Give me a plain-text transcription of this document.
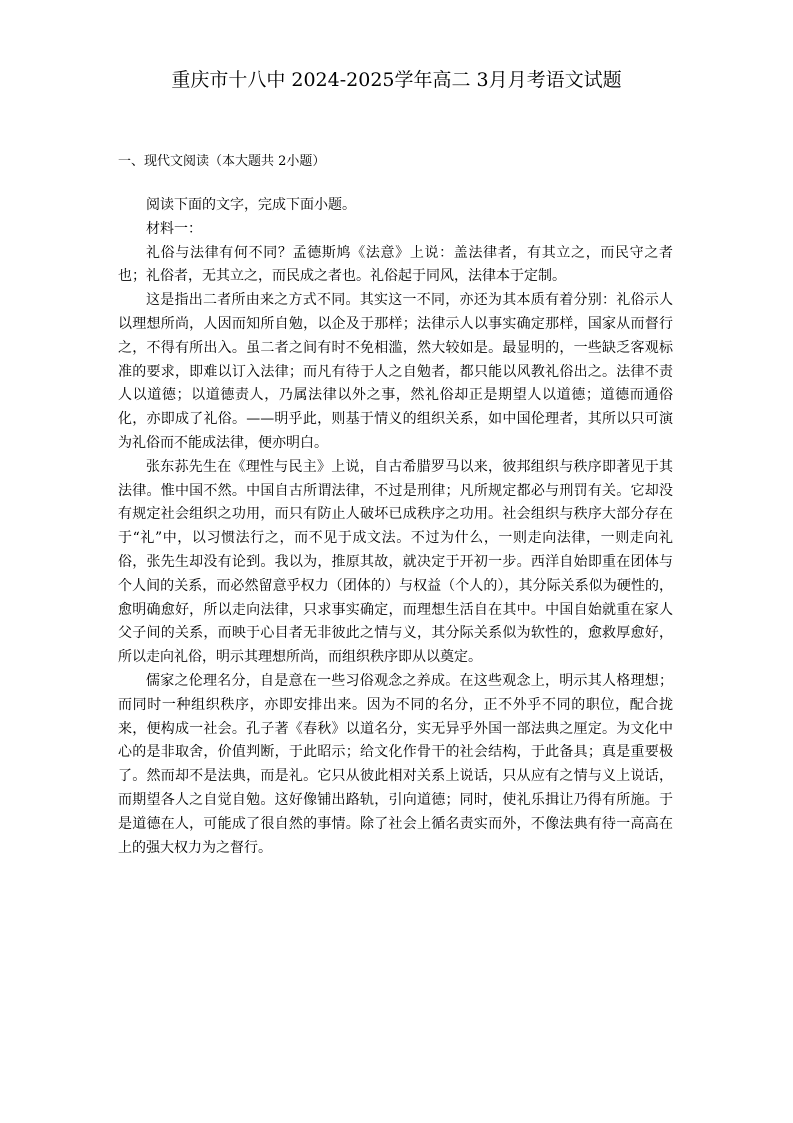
重庆市十八中 2024-2025学年高二 3月月考语文试题
一、现代文阅读（本大题共 2小题）

阅读下面的文字，完成下面小题。

材料一：

礼俗与法律有何不同？孟德斯鸠《法意》上说：盖法律者，有其立之，而民守之者也；礼俗者，无其立之，而民成之者也。礼俗起于同风，法律本于定制。

这是指出二者所由来之方式不同。其实这一不同，亦还为其本质有着分别：礼俗示人以理想所尚，人因而知所自勉，以企及于那样；法律示人以事实确定那样，国家从而督行之，不得有所出入。虽二者之间有时不免相滥，然大较如是。最显明的，一些缺乏客观标准的要求，即难以订入法律；而凡有待于人之自勉者，都只能以风教礼俗出之。法律不责人以道德；以道德责人，乃属法律以外之事，然礼俗却正是期望人以道德；道德而通俗化，亦即成了礼俗。——明乎此，则基于情义的组织关系，如中国伦理者，其所以只可演为礼俗而不能成法律，便亦明白。

张东荪先生在《理性与民主》上说，自古希腊罗马以来，彼邦组织与秩序即著见于其法律。惟中国不然。中国自古所谓法律，不过是刑律；凡所规定都必与刑罚有关。它却没有规定社会组织之功用，而只有防止人破坏已成秩序之功用。社会组织与秩序大部分存在于“礼”中，以习惯法行之，而不见于成文法。不过为什么，一则走向法律，一则走向礼俗，张先生却没有论到。我以为，推原其故，就决定于开初一步。西洋自始即重在团体与个人间的关系，而必然留意乎权力（团体的）与权益（个人的），其分际关系似为硬性的，愈明确愈好，所以走向法律，只求事实确定，而理想生活自在其中。中国自始就重在家人父子间的关系，而映于心目者无非彼此之情与义，其分际关系似为软性的，愈救厚愈好，所以走向礼俗，明示其理想所尚，而组织秩序即从以奠定。

儒家之伦理名分，自是意在一些习俗观念之养成。在这些观念上，明示其人格理想；而同时一种组织秩序，亦即安排出来。因为不同的名分，正不外乎不同的职位，配合拢来，便构成一社会。孔子著《春秋》以道名分，实无异乎外国一部法典之厘定。为文化中心的是非取舍，价值判断，于此昭示；给文化作骨干的社会结构，于此备具；真是重要极了。然而却不是法典，而是礼。它只从彼此相对关系上说话，只从应有之情与义上说话，而期望各人之自觉自勉。这好像铺出路轨，引向道德；同时，使礼乐揖让乃得有所施。于是道德在人，可能成了很自然的事情。除了社会上循名责实而外，不像法典有待一高高在上的强大权力为之督行。
